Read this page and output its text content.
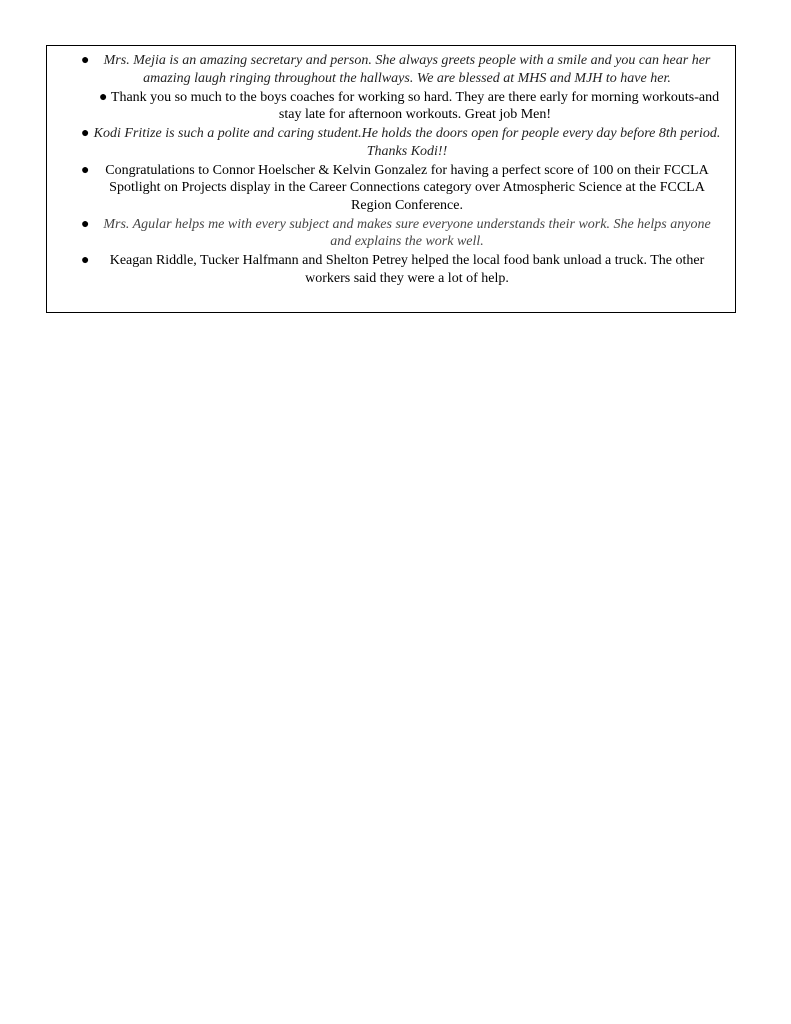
● Mrs. Mejia is an amazing secretary and person. She always greets people with a smile and you can hear her amazing laugh ringing throughout the hallways. We are blessed at MHS and MJH to have her.
● Thank you so much to the boys coaches for working so hard. They are there early for morning workouts-and stay late for afternoon workouts. Great job Men!
● Kodi Fritize is such a polite and caring student.He holds the doors open for people every day before 8th period. Thanks Kodi!!
● Congratulations to Connor Hoelscher & Kelvin Gonzalez for having a perfect score of 100 on their FCCLA Spotlight on Projects display in the Career Connections category over Atmospheric Science at the FCCLA Region Conference.
● Mrs. Agular helps me with every subject and makes sure everyone understands their work. She helps anyone and explains the work well.
● Keagan Riddle, Tucker Halfmann and Shelton Petrey helped the local food bank unload a truck. The other workers said they were a lot of help.
